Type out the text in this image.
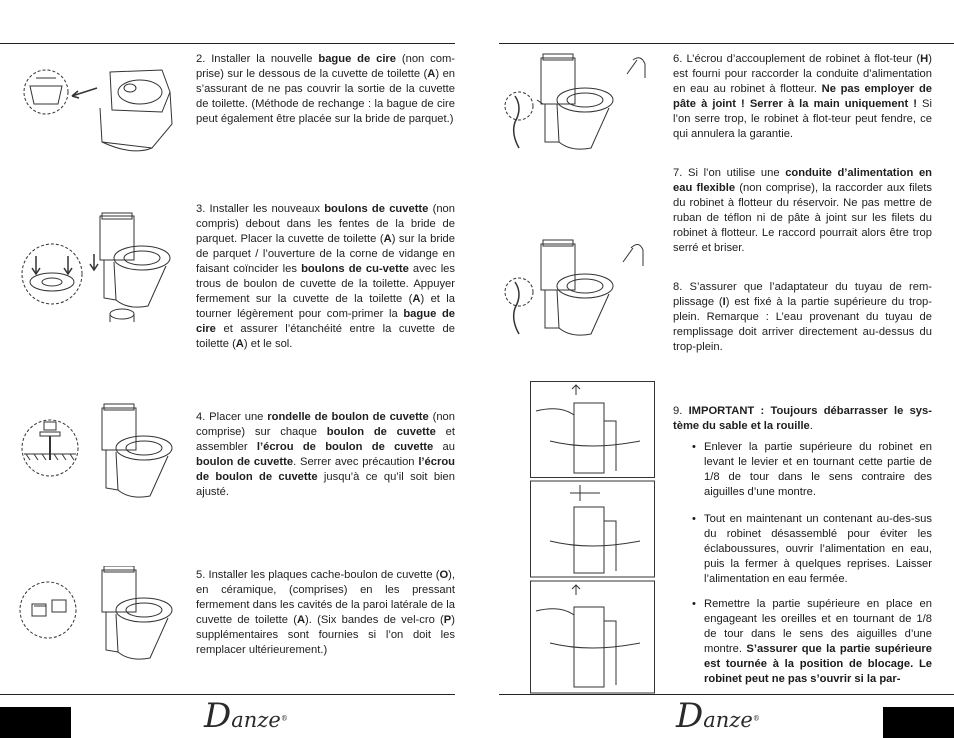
Danze®	Danze®
2. Installer la nouvelle bague de cire (non com-prise) sur le dessous de la cuvette de toilette (A) en s’assurant de ne pas couvrir la sortie de la cuvette de toilette. (Méthode de rechange : la bague de cire peut également être placée sur la bride de parquet.)
3. Installer les nouveaux boulons de cuvette (non compris) debout dans les fentes de la bride de parquet. Placer la cuvette de toilette (A) sur la bride de parquet / l’ouverture de la corne de vidange en faisant coïncider les boulons de cu-vette avec les trous de boulon de cuvette de la toilette. Appuyer fermement sur la cuvette de la toilette (A) et la tourner légèrement pour com-primer la bague de cire et assurer l’étanchéité entre la cuvette de toilette (A) et le sol.
4. Placer une rondelle de boulon de cuvette (non comprise) sur chaque boulon de cuvette et assembler l’écrou de boulon de cuvette au boulon de cuvette. Serrer avec précaution l’écrou de boulon de cuvette jusqu’à ce qu’il soit bien ajusté.
5. Installer les plaques cache-boulon de cuvette (O), en céramique, (comprises) en les pressant fermement dans les cavités de la paroi latérale de la cuvette de toilette (A). (Six bandes de vel-cro (P) supplémentaires sont fournies si l’on doit les remplacer ultérieurement.)
6. L’écrou d’accouplement de robinet à flot-teur (H) est fourni pour raccorder la conduite d’alimentation en eau au robinet à flotteur. Ne pas employer de pâte à joint ! Serrer à la main uniquement ! Si l’on serre trop, le robinet à flot-teur peut fendre, ce qui annulera la garantie.
7. Si l’on utilise une conduite d’alimentation en eau flexible (non comprise), la raccorder aux filets du robinet à flotteur du réservoir. Ne pas mettre de ruban de téflon ni de pâte à joint sur les filets du robinet à flotteur. Le raccord pourrait alors être trop serré et briser.
8. S’assurer que l’adaptateur du tuyau de rem-plissage (I) est fixé à la partie supérieure du trop-plein. Remarque : L’eau provenant du tuyau de remplissage doit arriver directement au-dessus du trop-plein.
9. IMPORTANT : Toujours débarrasser le sys-tème du sable et la rouille.
• Enlever la partie supérieure du robinet en levant le levier et en tournant cette partie de 1/8 de tour dans le sens contraire des aiguilles d’une montre.
• Tout en maintenant un contenant au-des-sus du robinet désassemblé pour éviter les éclaboussures, ouvrir l’alimentation en eau, puis la fermer à quelques reprises. Laisser l’alimentation en eau fermée.
• Remettre la partie supérieure en place en engageant les oreilles et en tournant de 1/8 de tour dans le sens des aiguilles d’une montre. S’assurer que la partie supérieure est tournée à la position de blocage. Le robinet peut ne pas s’ouvrir si la par-
